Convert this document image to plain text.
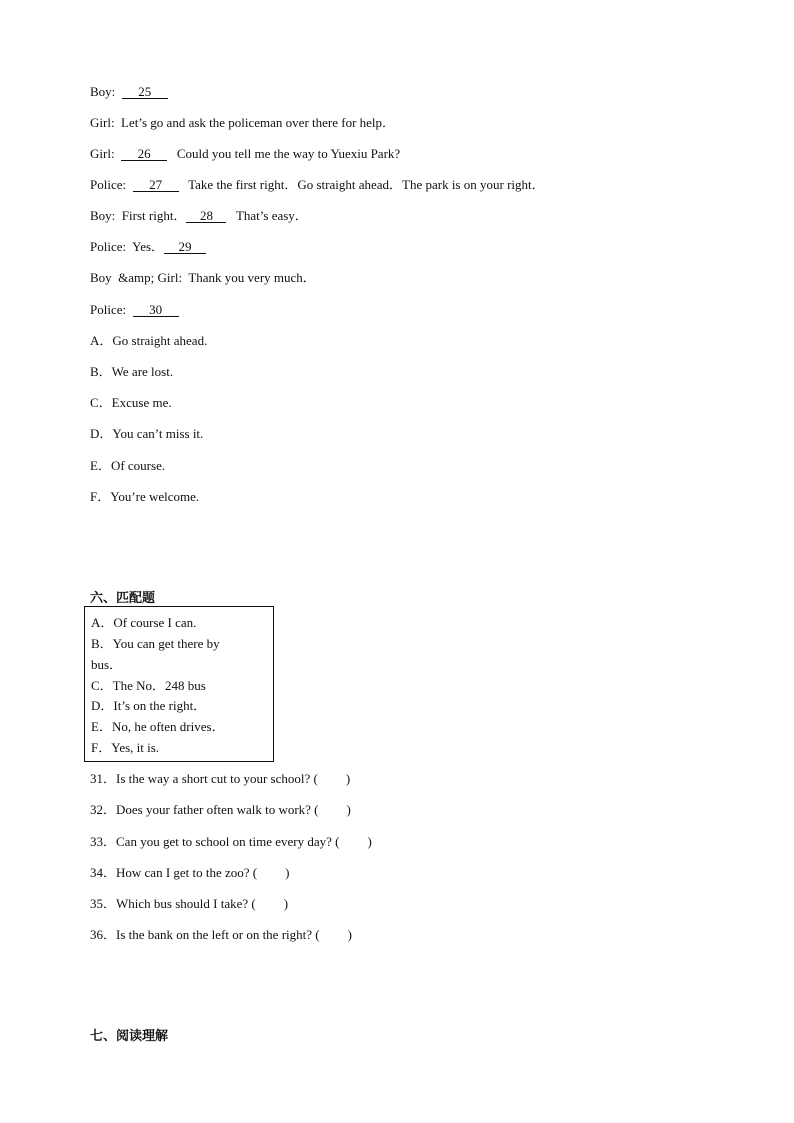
Boy:  25
Girl:  Let’s go and ask the policeman over there for help．
Girl:  26   Could you tell me the way to Yuexiu Park?
Police:  27   Take the first right．Go straight ahead．The park is on your right．
Boy:  First right． 28   That’s easy．
Police:  Yes． 29
Boy  &amp; Girl:  Thank you very much．
Police:  30
A．Go straight ahead.
B．We are lost.
C．Excuse me.
D．You can’t miss it.
E．Of course.
F．You’re welcome.
六、匹配题
A．Of course I can.
B．You can get there by
bus．
C．The No．248 bus
D．It’s on the right．
E．No, he often drives．
F．Yes, it is.
31．Is the way a short cut to your school? ( )
32．Does your father often walk to work? ( )
33．Can you get to school on time every day? ( )
34．How can I get to the zoo? ( )
35．Which bus should I take? ( )
36．Is the bank on the left or on the right? ( )
七、阅读理解
